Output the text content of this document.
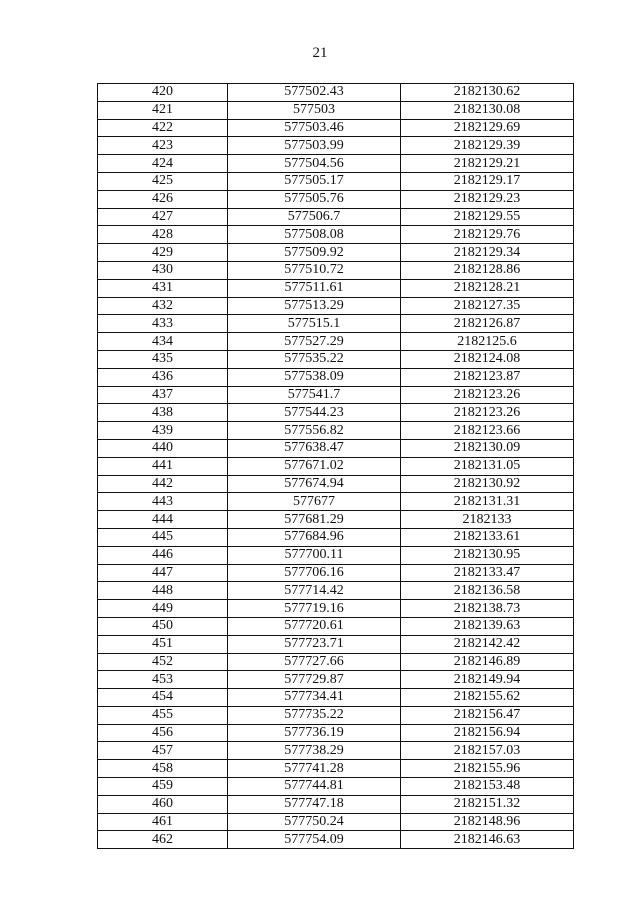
21
420	577502.43	2182130.62
421	577503	2182130.08
422	577503.46	2182129.69
423	577503.99	2182129.39
424	577504.56	2182129.21
425	577505.17	2182129.17
426	577505.76	2182129.23
427	577506.7	2182129.55
428	577508.08	2182129.76
429	577509.92	2182129.34
430	577510.72	2182128.86
431	577511.61	2182128.21
432	577513.29	2182127.35
433	577515.1	2182126.87
434	577527.29	2182125.6
435	577535.22	2182124.08
436	577538.09	2182123.87
437	577541.7	2182123.26
438	577544.23	2182123.26
439	577556.82	2182123.66
440	577638.47	2182130.09
441	577671.02	2182131.05
442	577674.94	2182130.92
443	577677	2182131.31
444	577681.29	2182133
445	577684.96	2182133.61
446	577700.11	2182130.95
447	577706.16	2182133.47
448	577714.42	2182136.58
449	577719.16	2182138.73
450	577720.61	2182139.63
451	577723.71	2182142.42
452	577727.66	2182146.89
453	577729.87	2182149.94
454	577734.41	2182155.62
455	577735.22	2182156.47
456	577736.19	2182156.94
457	577738.29	2182157.03
458	577741.28	2182155.96
459	577744.81	2182153.48
460	577747.18	2182151.32
461	577750.24	2182148.96
462	577754.09	2182146.63
